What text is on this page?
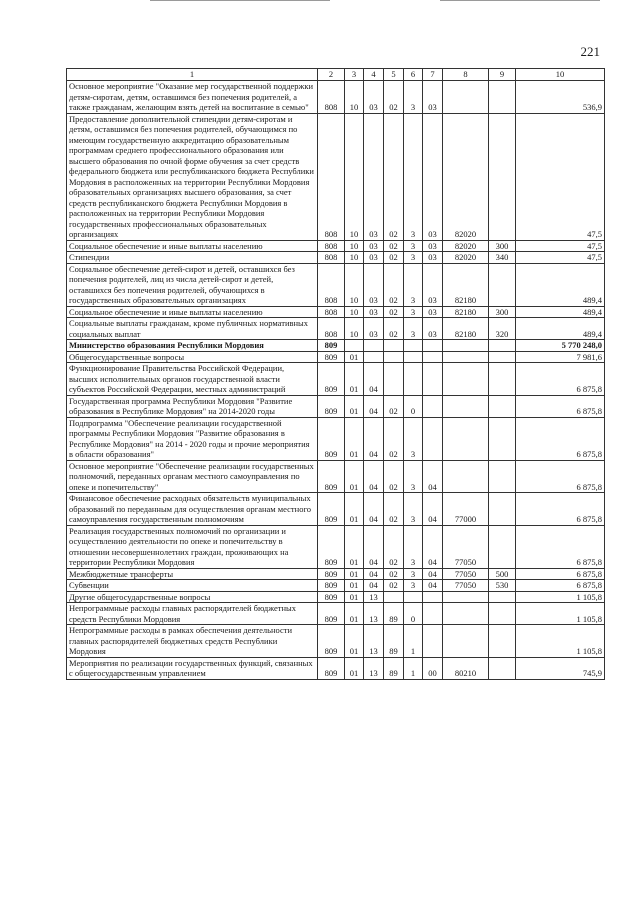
221
1	2	3	4	5	6	7	8	9	10
Основное мероприятие "Оказание мер государственной поддержки детям-сиротам, детям, оставшимся без попечения родителей, а также гражданам, желающим взять детей на воспитание в семью"	808	10	03	02	3	03			536,9
Предоставление дополнительной стипендии детям-сиротам и детям, оставшимся без попечения родителей, обучающимся по имеющим государственную аккредитацию образовательным программам среднего профессионального образования или высшего образования по очной форме обучения за счет средств федерального бюджета или республиканского бюджета Республики Мордовия в расположенных на территории Республики Мордовия образовательных организациях высшего образования, за счет средств республиканского бюджета Республики Мордовия в расположенных на территории Республики Мордовия государственных профессиональных образовательных организациях	808	10	03	02	3	03	82020		47,5
Социальное обеспечение и иные выплаты населению	808	10	03	02	3	03	82020	300	47,5
Стипендии	808	10	03	02	3	03	82020	340	47,5
Социальное обеспечение детей-сирот и детей, оставшихся без попечения родителей, лиц из числа детей-сирот и детей, оставшихся без попечения родителей, обучающихся в государственных образовательных организациях	808	10	03	02	3	03	82180		489,4
Социальное обеспечение и иные выплаты населению	808	10	03	02	3	03	82180	300	489,4
Социальные выплаты гражданам, кроме публичных нормативных социальных выплат	808	10	03	02	3	03	82180	320	489,4
Министерство образования Республики Мордовия	809								5 770 248,0
Общегосударственные вопросы	809	01							7 981,6
Функционирование Правительства Российской Федерации, высших исполнительных органов государственной власти субъектов Российской Федерации, местных администраций	809	01	04						6 875,8
Государственная программа Республики Мордовия "Развитие образования в Республике Мордовия" на 2014-2020 годы	809	01	04	02	0				6 875,8
Подпрограмма "Обеспечение реализации государственной программы Республики Мордовия "Развитие образования в Республике Мордовия" на 2014 - 2020 годы и прочие мероприятия в области образования"	809	01	04	02	3				6 875,8
Основное мероприятие "Обеспечение реализации государственных полномочий, переданных органам местного самоуправления по опеке и попечительству"	809	01	04	02	3	04			6 875,8
Финансовое обеспечение расходных обязательств муниципальных образований по переданным для осуществления органам местного самоуправления государственным полномочиям	809	01	04	02	3	04	77000		6 875,8
Реализация государственных полномочий по организации и осуществлению деятельности по опеке и попечительству в отношении несовершеннолетних граждан, проживающих на территории Республики Мордовия	809	01	04	02	3	04	77050		6 875,8
Межбюджетные трансферты	809	01	04	02	3	04	77050	500	6 875,8
Субвенции	809	01	04	02	3	04	77050	530	6 875,8
Другие общегосударственные вопросы	809	01	13						1 105,8
Непрограммные расходы главных распорядителей бюджетных средств Республики Мордовия	809	01	13	89	0				1 105,8
Непрограммные расходы в рамках обеспечения деятельности главных распорядителей бюджетных средств Республики Мордовия	809	01	13	89	1				1 105,8
Мероприятия по реализации государственных функций, связанных с общегосударственным управлением	809	01	13	89	1	00	80210		745,9
